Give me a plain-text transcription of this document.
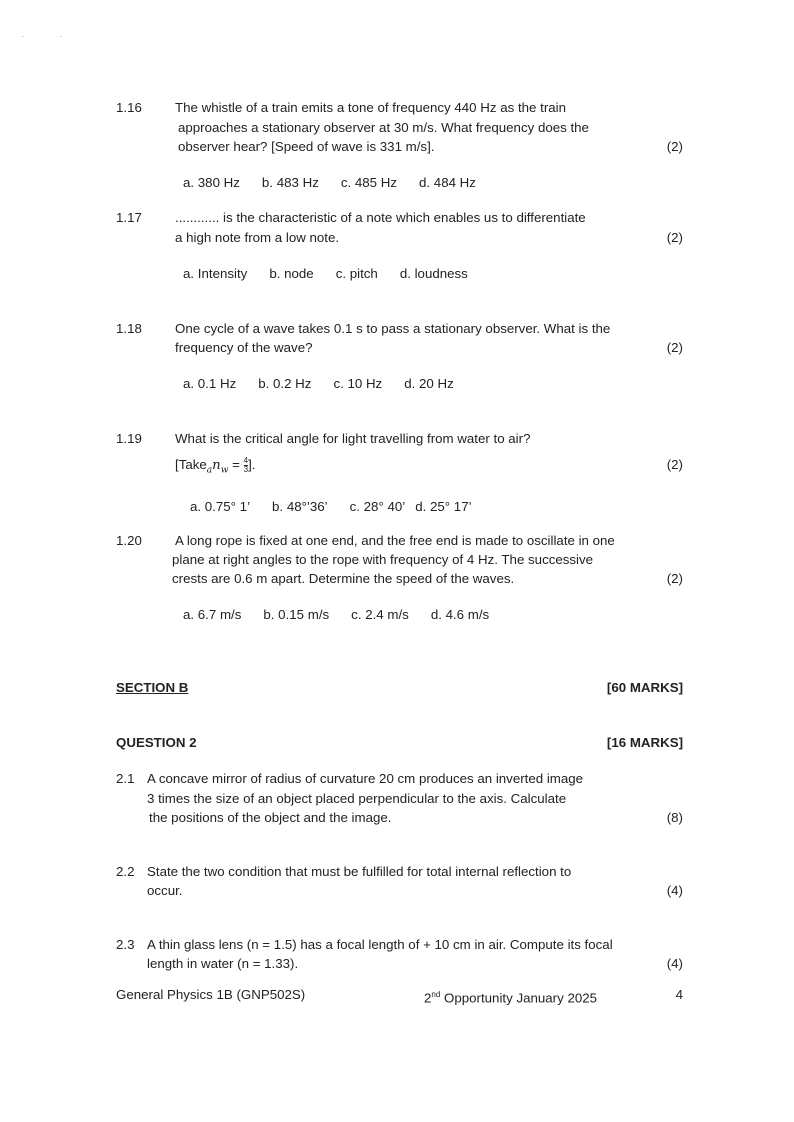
.                .
1.16 The whistle of a train emits a tone of frequency 440 Hz as the train
approaches a stationary observer at 30 m/s. What frequency does the
observer hear? [Speed of wave is 331 m/s].	(2)
a. 380 Hz b. 483 Hz c. 485 Hz d. 484 Hz
1.17 ............ is the characteristic of a note which enables us to differentiate
a high note from a low note.	(2)
a. Intensity b. node c. pitch d. loudness
1.18 One cycle of a wave takes 0.1 s to pass a stationary observer. What is the
frequency of the wave?	(2)
a. 0.1 Hz b. 0.2 Hz c. 10 Hz d. 20 Hz
1.19 What is the critical angle for light travelling from water to air?
[$Take_an_w = \frac{4}{3}$ ].	(2)
a. 0.75° 1’ b. 48°’36’ c. 28° 40’ d. 25° 17’
1.20 A long rope is fixed at one end, and the free end is made to oscillate in one
plane at right angles to the rope with frequency of 4 Hz. The successive
crests are 0.6 m apart. Determine the speed of the waves.	(2)
a. 6.7 m/s b. 0.15 m/s c. 2.4 m/s d. 4.6 m/s
SECTION B	[60 MARKS]
QUESTION 2	[16 MARKS]
2.1 A concave mirror of radius of curvature 20 cm produces an inverted image
3 times the size of an object placed perpendicular to the axis. Calculate
the positions of the object and the image.	(8)
2.2 State the two condition that must be fulfilled for total internal reflection to
occur.	(4)
2.3 A thin glass lens (n = 1.5) has a focal length of + 10 cm in air. Compute its focal
length in water (n = 1.33).	(4)
General Physics 1B (GNP502S)	2nd Opportunity January 2025	4
